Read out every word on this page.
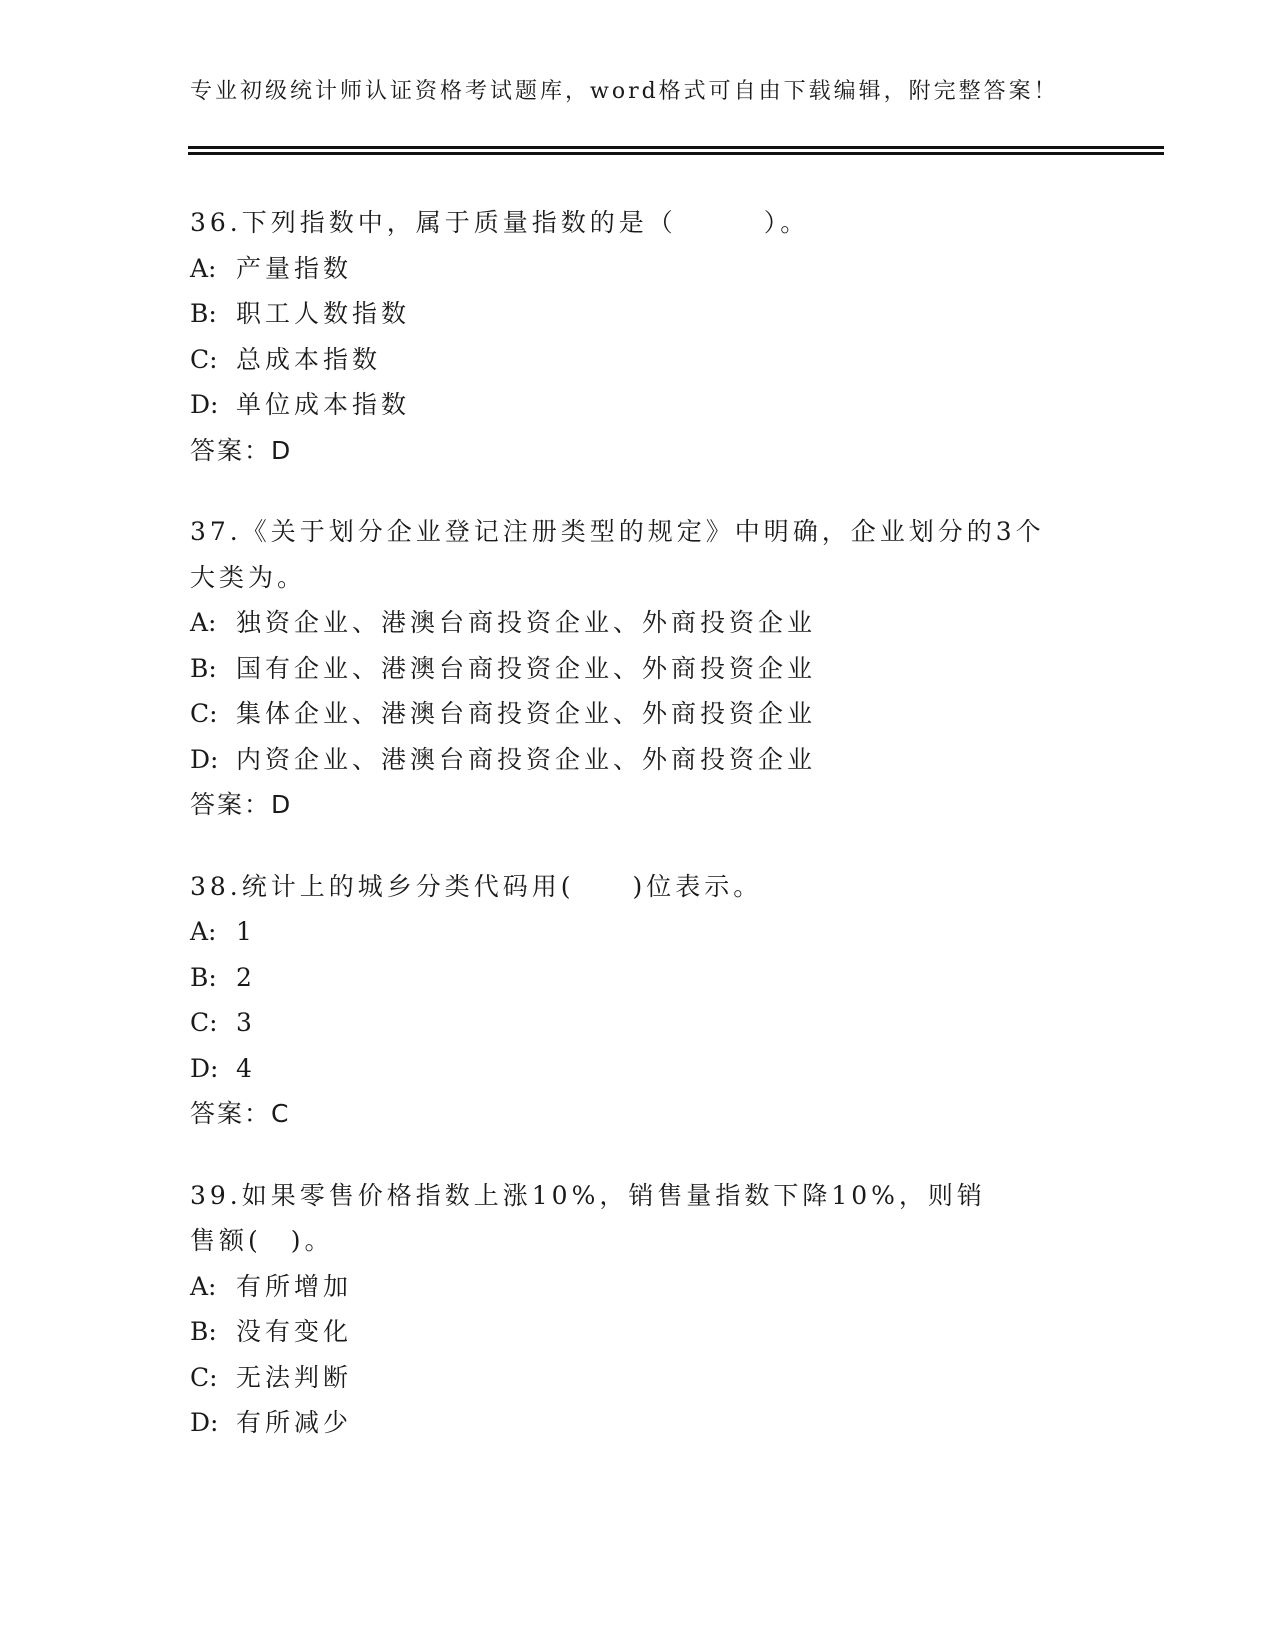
专业初级统计师认证资格考试题库，word格式可自由下载编辑，附完整答案！
36.下列指数中，属于质量指数的是（　　　）。
A: 产量指数
B: 职工人数指数
C: 总成本指数
D: 单位成本指数
答案：D
37.《关于划分企业登记注册类型的规定》中明确，企业划分的3个大类为。
A: 独资企业、港澳台商投资企业、外商投资企业
B: 国有企业、港澳台商投资企业、外商投资企业
C: 集体企业、港澳台商投资企业、外商投资企业
D: 内资企业、港澳台商投资企业、外商投资企业
答案：D
38.统计上的城乡分类代码用(　　)位表示。
A: 1
B: 2
C: 3
D: 4
答案：C
39.如果零售价格指数上涨10%，销售量指数下降10%，则销售额(　)。
A: 有所增加
B: 没有变化
C: 无法判断
D: 有所减少
